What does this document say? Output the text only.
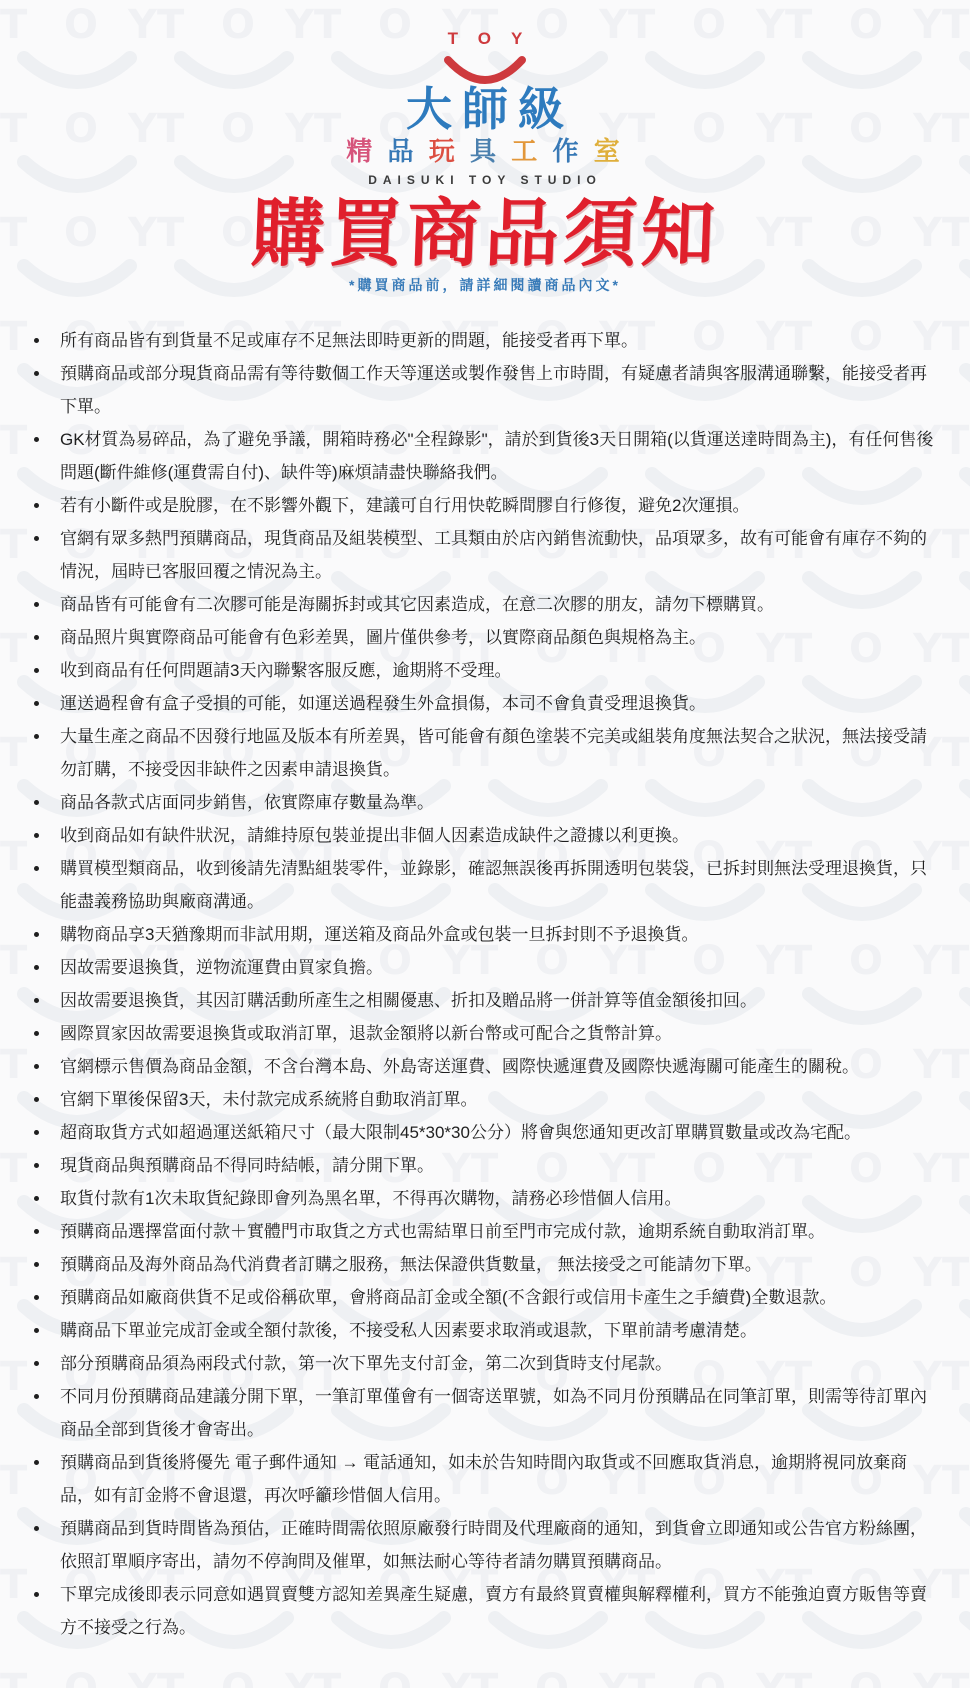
TOY
大師級
精 品 玩 具 工 作 室
DAISUKI TOY STUDIO
購買商品須知
*購買商品前，請詳細閱讀商品內文*
所有商品皆有到貨量不足或庫存不足無法即時更新的問題，能接受者再下單。
預購商品或部分現貨商品需有等待數個工作天等運送或製作發售上市時間，有疑慮者請與客服溝通聯繫，能接受者再下單。
GK材質為易碎品，為了避免爭議，開箱時務必"全程錄影"，請於到貨後3天日開箱(以貨運送達時間為主)，有任何售後問題(斷件維修(運費需自付)、缺件等)麻煩請盡快聯絡我們。
若有小斷件或是脫膠，在不影響外觀下，建議可自行用快乾瞬間膠自行修復，避免2次運損。
官網有眾多熱門預購商品，現貨商品及組裝模型、工具類由於店內銷售流動快，品項眾多，故有可能會有庫存不夠的情況，屆時已客服回覆之情況為主。
商品皆有可能會有二次膠可能是海關拆封或其它因素造成，在意二次膠的朋友，請勿下標購買。
商品照片與實際商品可能會有色彩差異，圖片僅供參考，以實際商品顏色與規格為主。
收到商品有任何問題請3天內聯繫客服反應，逾期將不受理。
運送過程會有盒子受損的可能，如運送過程發生外盒損傷，本司不會負責受理退換貨。
大量生產之商品不因發行地區及版本有所差異，皆可能會有顏色塗裝不完美或組裝角度無法契合之狀況，無法接受請勿訂購，不接受因非缺件之因素申請退換貨。
商品各款式店面同步銷售，依實際庫存數量為準。
收到商品如有缺件狀況，請維持原包裝並提出非個人因素造成缺件之證據以利更換。
購買模型類商品，收到後請先清點組裝零件，並錄影，確認無誤後再拆開透明包裝袋，已拆封則無法受理退換貨，只能盡義務協助與廠商溝通。
購物商品享3天猶豫期而非試用期，運送箱及商品外盒或包裝一旦拆封則不予退換貨。
因故需要退換貨，逆物流運費由買家負擔。
因故需要退換貨，其因訂購活動所產生之相關優惠、折扣及贈品將一併計算等值金額後扣回。
國際買家因故需要退換貨或取消訂單，退款金額將以新台幣或可配合之貨幣計算。
官網標示售價為商品金額，不含台灣本島、外島寄送運費、國際快遞運費及國際快遞海關可能產生的關稅。
官網下單後保留3天，未付款完成系統將自動取消訂單。
超商取貨方式如超過運送紙箱尺寸（最大限制45*30*30公分）將會與您通知更改訂單購買數量或改為宅配。
現貨商品與預購商品不得同時結帳，請分開下單。
取貨付款有1次未取貨紀錄即會列為黑名單，不得再次購物，請務必珍惜個人信用。
預購商品選擇當面付款＋實體門市取貨之方式也需結單日前至門市完成付款，逾期系統自動取消訂單。
預購商品及海外商品為代消費者訂購之服務，無法保證供貨數量， 無法接受之可能請勿下單。
預購商品如廠商供貨不足或俗稱砍單，會將商品訂金或全額(不含銀行或信用卡產生之手續費)全數退款。
購商品下單並完成訂金或全額付款後，不接受私人因素要求取消或退款，下單前請考慮清楚。
部分預購商品須為兩段式付款，第一次下單先支付訂金，第二次到貨時支付尾款。
不同月份預購商品建議分開下單，一筆訂單僅會有一個寄送單號，如為不同月份預購品在同筆訂單，則需等待訂單內商品全部到貨後才會寄出。
預購商品到貨後將優先 電子郵件通知 → 電話通知，如未於告知時間內取貨或不回應取貨消息，逾期將視同放棄商品，如有訂金將不會退還，再次呼籲珍惜個人信用。
預購商品到貨時間皆為預估，正確時間需依照原廠發行時間及代理廠商的通知，到貨會立即通知或公告官方粉絲團，依照訂單順序寄出，請勿不停詢問及催單，如無法耐心等待者請勿購買預購商品。
下單完成後即表示同意如遇買賣雙方認知差異產生疑慮，賣方有最終買賣權與解釋權利，買方不能強迫賣方販售等賣方不接受之行為。
